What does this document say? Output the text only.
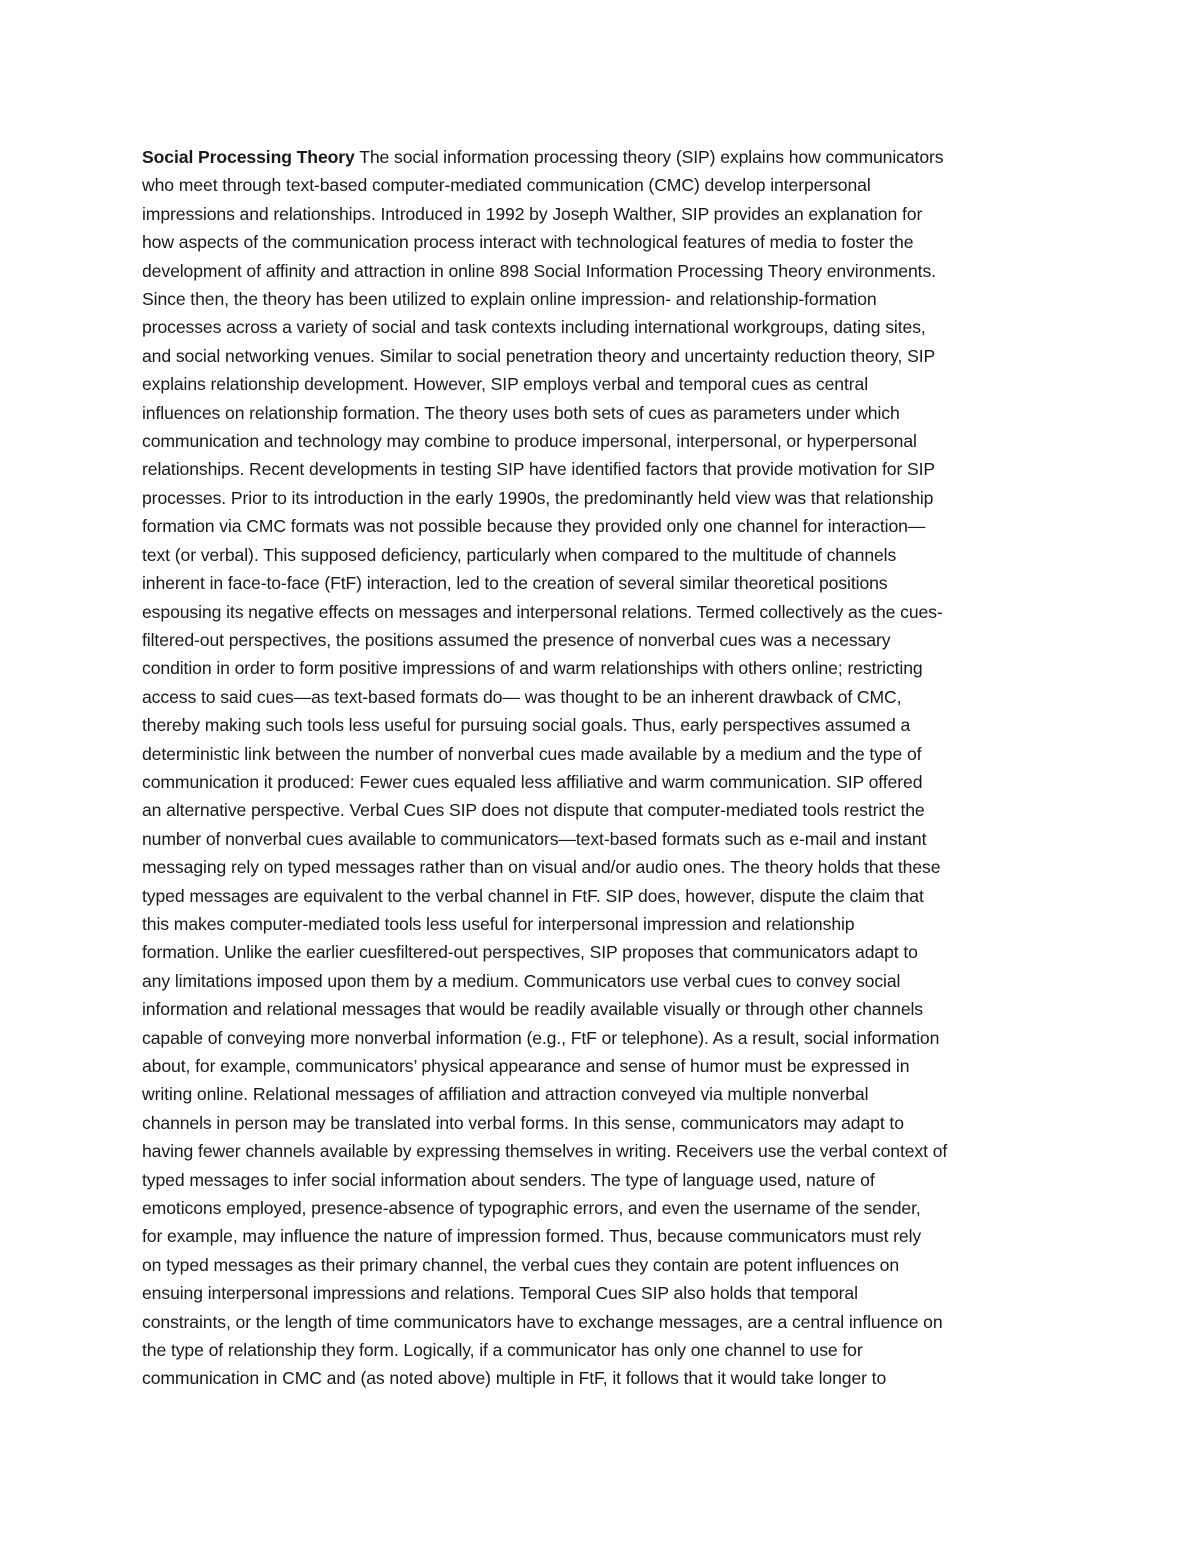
Social Processing Theory The social information processing theory (SIP) explains how communicators
who meet through text-based computer-mediated communication (CMC) develop interpersonal
impressions and relationships. Introduced in 1992 by Joseph Walther, SIP provides an explanation for
how aspects of the communication process interact with technological features of media to foster the
development of affinity and attraction in online 898 Social Information Processing Theory environments.
Since then, the theory has been utilized to explain online impression- and relationship-formation
processes across a variety of social and task contexts including international workgroups, dating sites,
and social networking venues. Similar to social penetration theory and uncertainty reduction theory, SIP
explains relationship development. However, SIP employs verbal and temporal cues as central
influences on relationship formation. The theory uses both sets of cues as parameters under which
communication and technology may combine to produce impersonal, interpersonal, or hyperpersonal
relationships. Recent developments in testing SIP have identified factors that provide motivation for SIP
processes. Prior to its introduction in the early 1990s, the predominantly held view was that relationship
formation via CMC formats was not possible because they provided only one channel for interaction—
text (or verbal). This supposed deficiency, particularly when compared to the multitude of channels
inherent in face-to-face (FtF) interaction, led to the creation of several similar theoretical positions
espousing its negative effects on messages and interpersonal relations. Termed collectively as the cues-
filtered-out perspectives, the positions assumed the presence of nonverbal cues was a necessary
condition in order to form positive impressions of and warm relationships with others online; restricting
access to said cues—as text-based formats do— was thought to be an inherent drawback of CMC,
thereby making such tools less useful for pursuing social goals. Thus, early perspectives assumed a
deterministic link between the number of nonverbal cues made available by a medium and the type of
communication it produced: Fewer cues equaled less affiliative and warm communication. SIP offered
an alternative perspective. Verbal Cues SIP does not dispute that computer-mediated tools restrict the
number of nonverbal cues available to communicators—text-based formats such as e-mail and instant
messaging rely on typed messages rather than on visual and/or audio ones. The theory holds that these
typed messages are equivalent to the verbal channel in FtF. SIP does, however, dispute the claim that
this makes computer-mediated tools less useful for interpersonal impression and relationship
formation. Unlike the earlier cuesfiltered-out perspectives, SIP proposes that communicators adapt to
any limitations imposed upon them by a medium. Communicators use verbal cues to convey social
information and relational messages that would be readily available visually or through other channels
capable of conveying more nonverbal information (e.g., FtF or telephone). As a result, social information
about, for example, communicators’ physical appearance and sense of humor must be expressed in
writing online. Relational messages of affiliation and attraction conveyed via multiple nonverbal
channels in person may be translated into verbal forms. In this sense, communicators may adapt to
having fewer channels available by expressing themselves in writing. Receivers use the verbal context of
typed messages to infer social information about senders. The type of language used, nature of
emoticons employed, presence-absence of typographic errors, and even the username of the sender,
for example, may influence the nature of impression formed. Thus, because communicators must rely
on typed messages as their primary channel, the verbal cues they contain are potent influences on
ensuing interpersonal impressions and relations. Temporal Cues SIP also holds that temporal
constraints, or the length of time communicators have to exchange messages, are a central influence on
the type of relationship they form. Logically, if a communicator has only one channel to use for
communication in CMC and (as noted above) multiple in FtF, it follows that it would take longer to
